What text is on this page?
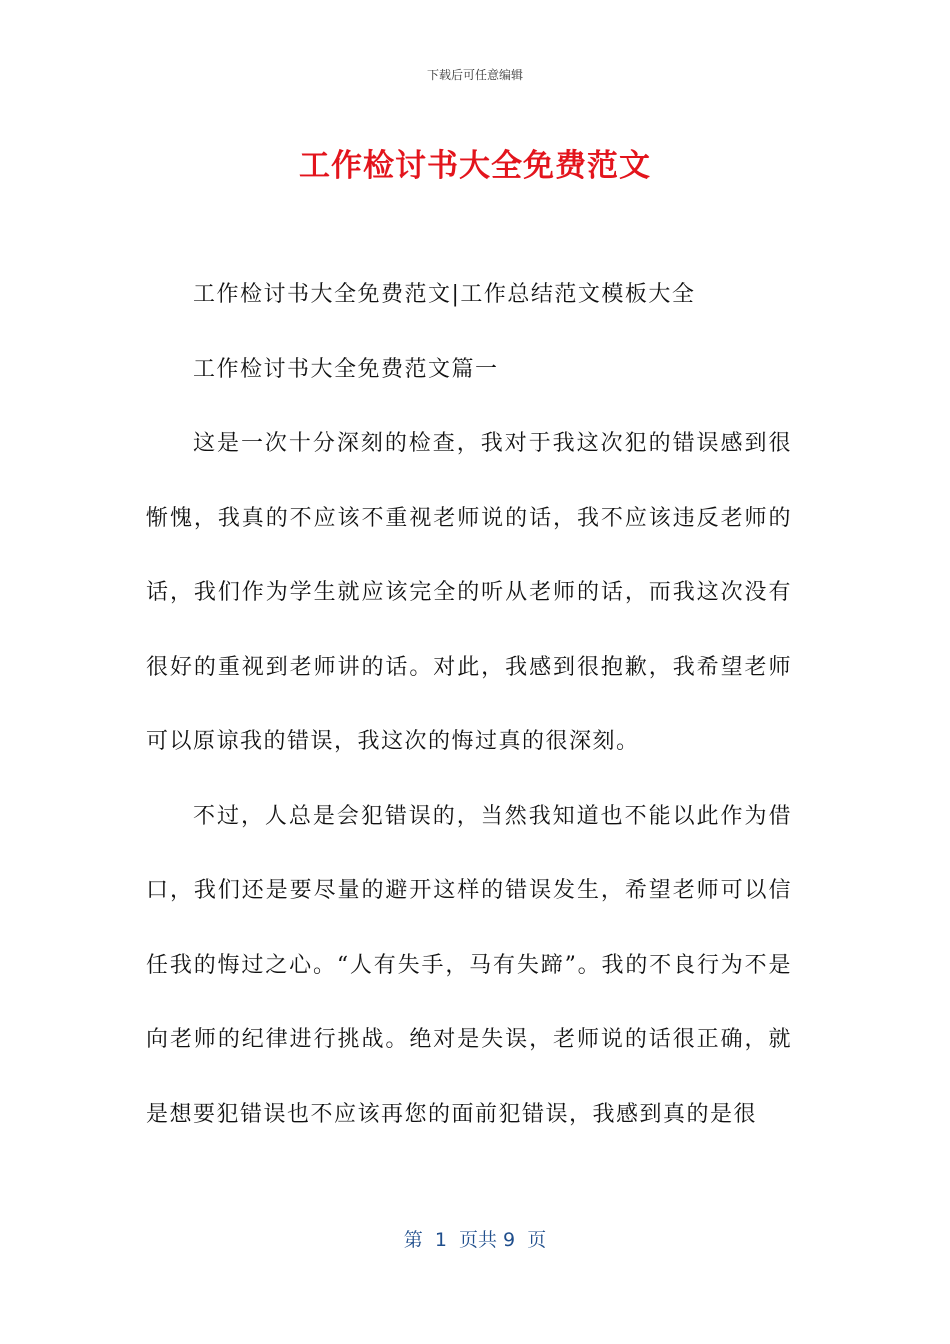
下载后可任意编辑
工作检讨书大全免费范文

工作检讨书大全免费范文|工作总结范文模板大全

工作检讨书大全免费范文篇一

这是一次十分深刻的检查，我对于我这次犯的错误感到很惭愧，我真的不应该不重视老师说的话，我不应该违反老师的话，我们作为学生就应该完全的听从老师的话，而我这次没有很好的重视到老师讲的话。对此，我感到很抱歉，我希望老师可以原谅我的错误，我这次的悔过真的很深刻。

不过，人总是会犯错误的，当然我知道也不能以此作为借口，我们还是要尽量的避开这样的错误发生，希望老师可以信任我的悔过之心。“人有失手，马有失蹄”。我的不良行为不是向老师的纪律进行挑战。绝对是失误，老师说的话很正确，就是想要犯错误也不应该再您的面前犯错误，我感到真的是很

第  1  页共 9  页
